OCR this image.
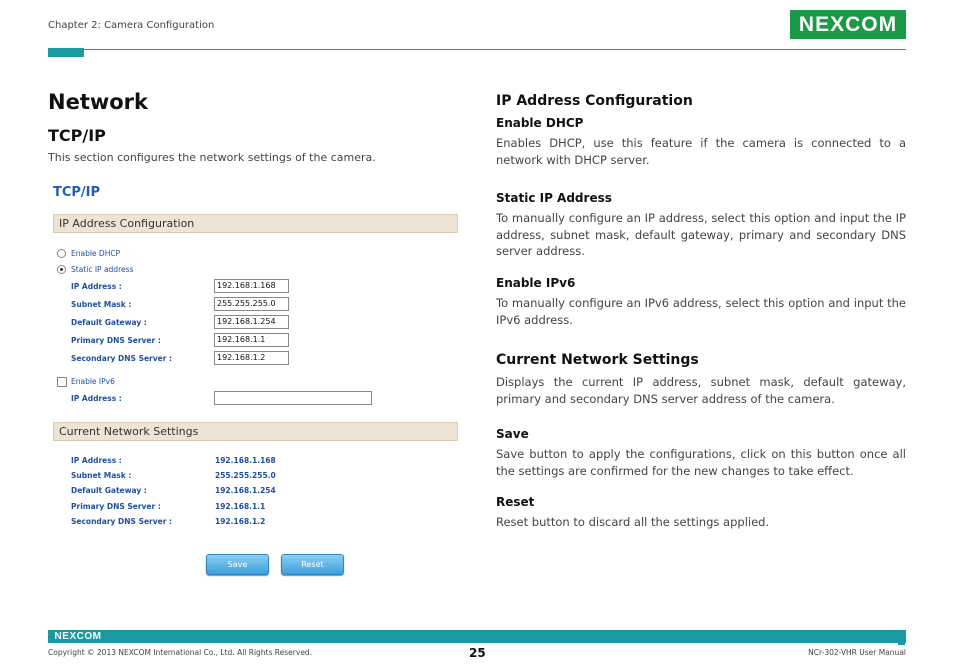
Chapter 2: Camera Configuration	NEXCOM
Network
TCP/IP
This section configures the network settings of the camera.
TCP/IP
IP Address Configuration
Enable DHCP
Static IP address
IP Address :	192.168.1.168
Subnet Mask :	255.255.255.0
Default Gateway :	192.168.1.254
Primary DNS Server :	192.168.1.1
Secondary DNS Server :	192.168.1.2
Enable IPv6
IP Address :
Current Network Settings
IP Address :	192.168.1.168
Subnet Mask :	255.255.255.0
Default Gateway :	192.168.1.254
Primary DNS Server :	192.168.1.1
Secondary DNS Server :	192.168.1.2
Save	Reset
IP Address Configuration
Enable DHCP
Enables DHCP, use this feature if the camera is connected to a network with DHCP server.
Static IP Address
To manually configure an IP address, select this option and input the IP address, subnet mask, default gateway, primary and secondary DNS server address.
Enable IPv6
To manually configure an IPv6 address, select this option and input the IPv6 address.
Current Network Settings
Displays the current IP address, subnet mask, default gateway, primary and secondary DNS server address of the camera.
Save
Save button to apply the configurations, click on this button once all the settings are confirmed for the new changes to take effect.
Reset
Reset button to discard all the settings applied.
NEXCOM
Copyright © 2013 NEXCOM International Co., Ltd. All Rights Reserved.	25	NCr-302-VHR User Manual
